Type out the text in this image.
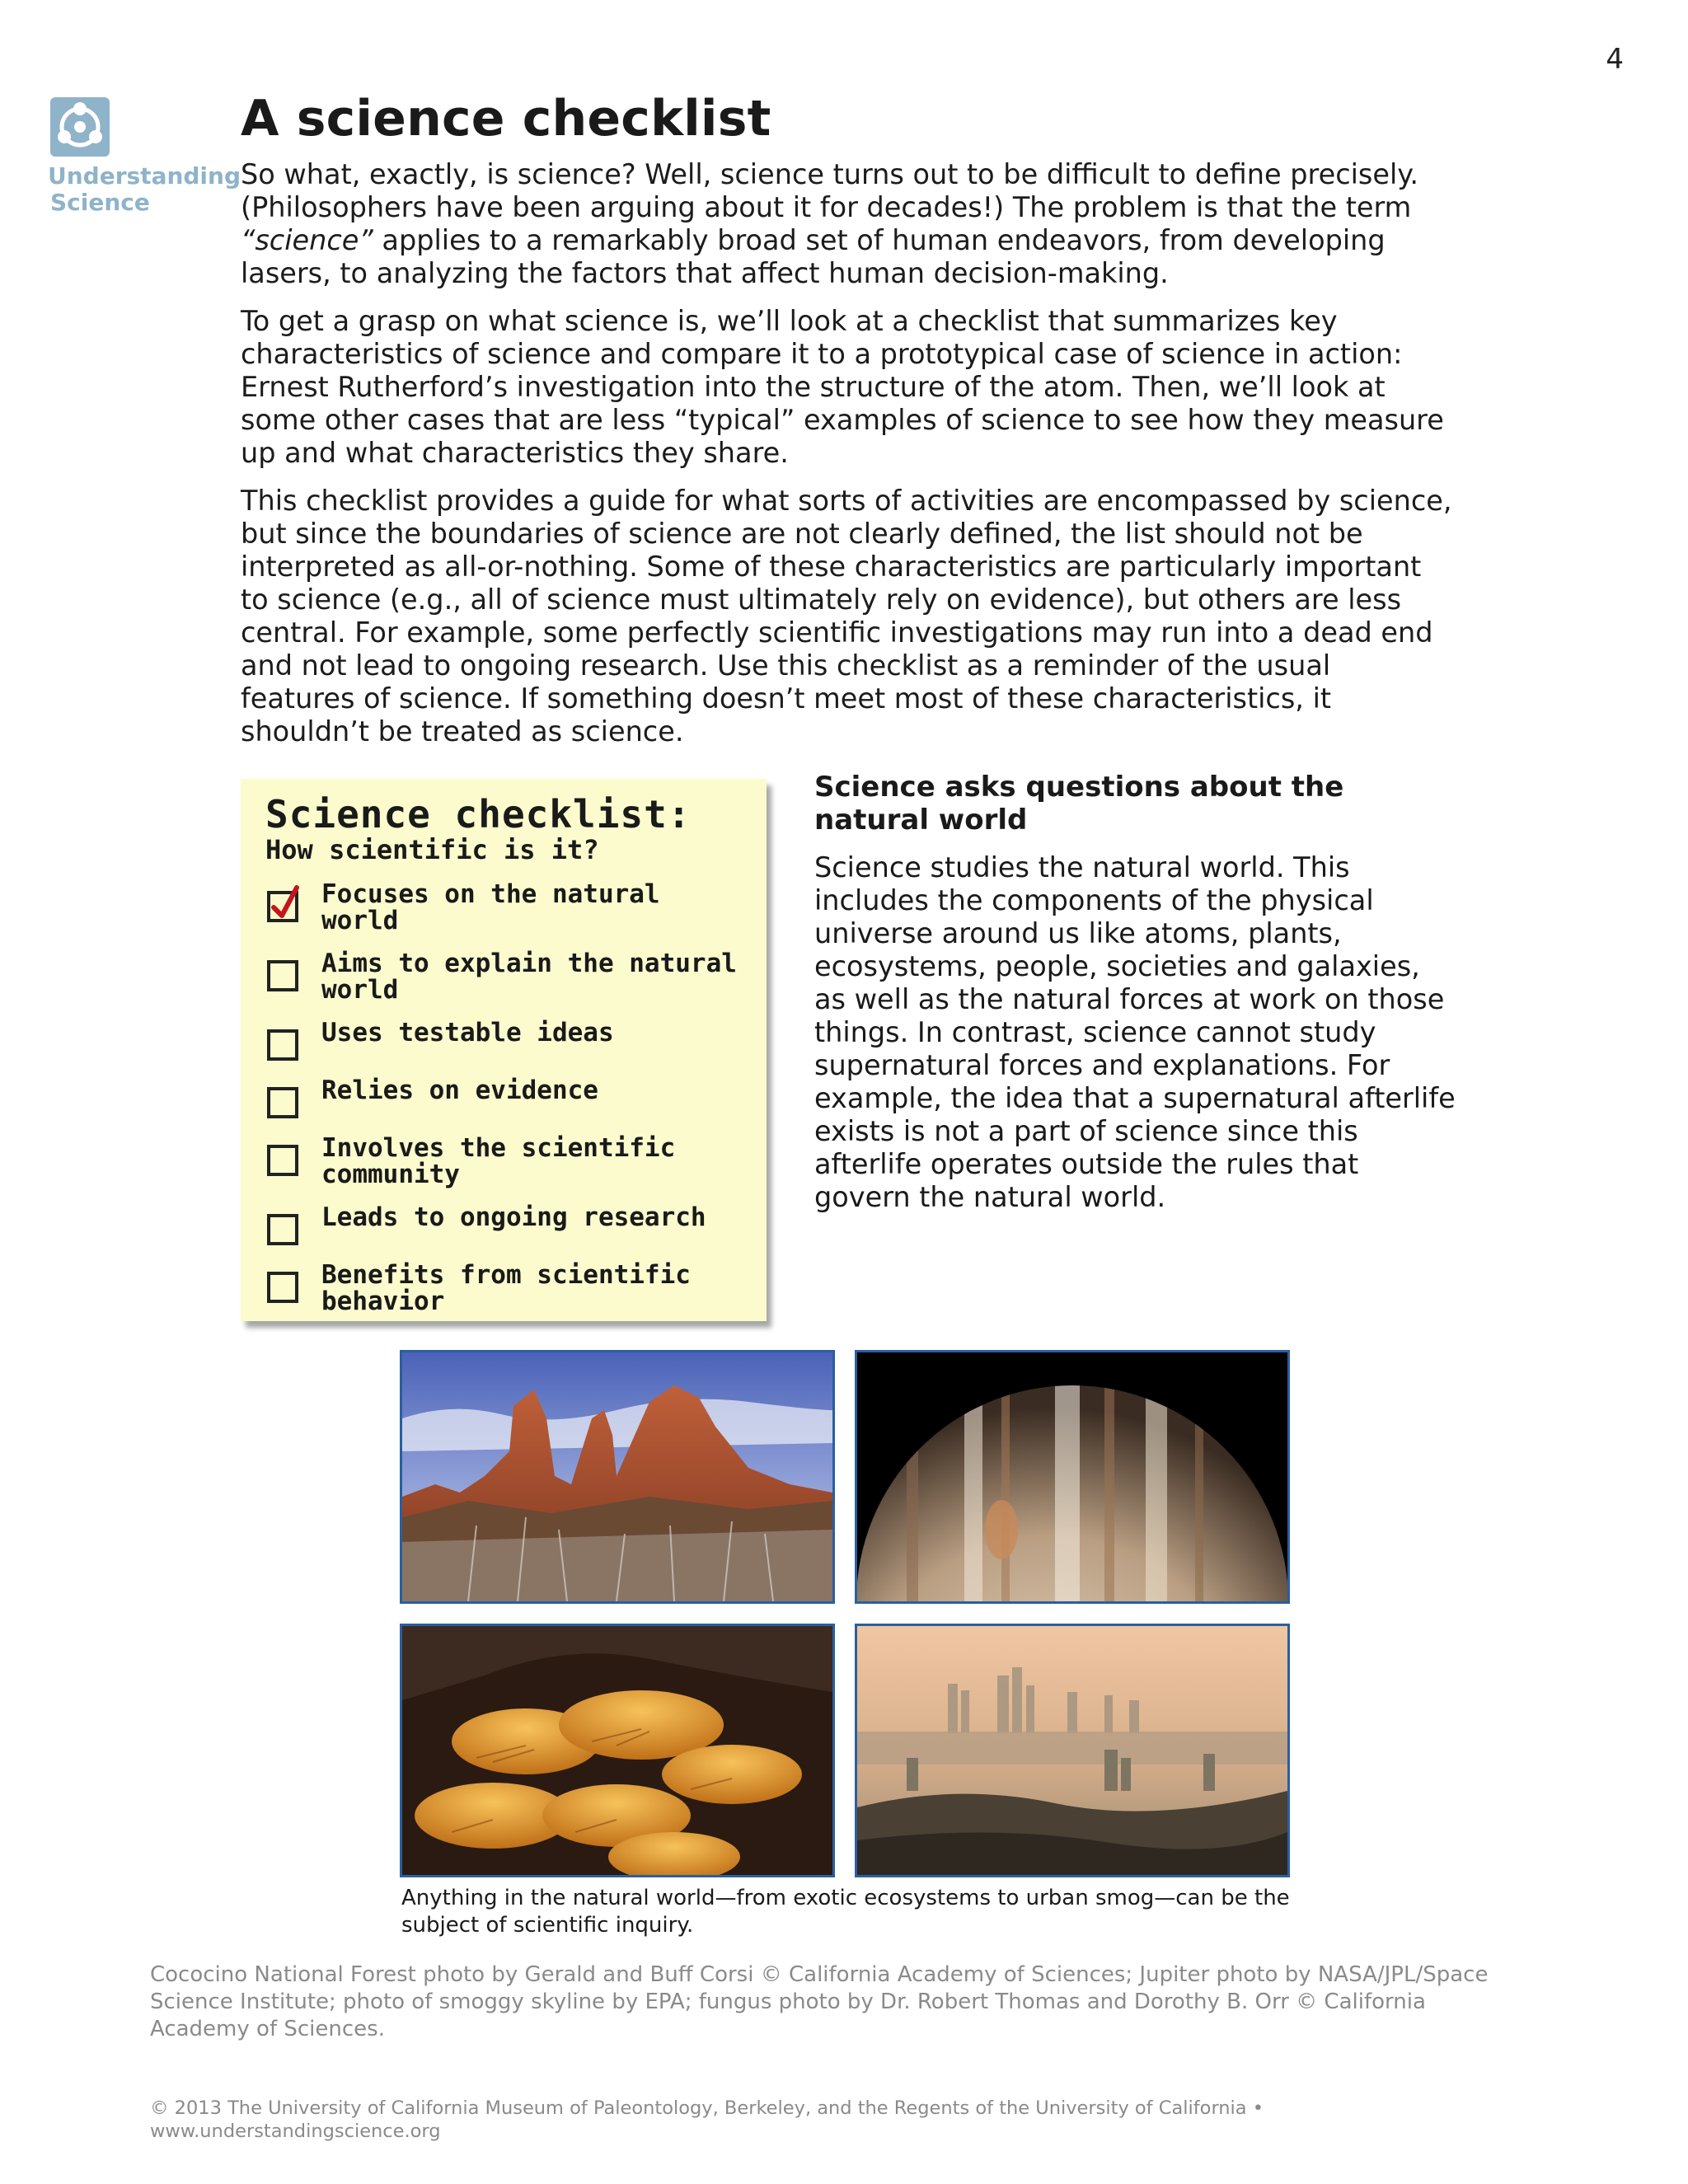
4
Understanding
Science
A science checklist

So what, exactly, is science? Well, science turns out to be difficult to define precisely. (Philosophers have been arguing about it for decades!) The problem is that the term “science” applies to a remarkably broad set of human endeavors, from developing lasers, to analyzing the factors that affect human decision-making.

To get a grasp on what science is, we’ll look at a checklist that summarizes key characteristics of science and compare it to a prototypical case of science in action: Ernest Rutherford’s investigation into the structure of the atom. Then, we’ll look at some other cases that are less “typical” examples of science to see how they measure up and what characteristics they share.

This checklist provides a guide for what sorts of activities are encompassed by science, but since the boundaries of science are not clearly defined, the list should not be interpreted as all-or-nothing. Some of these characteristics are particularly important to science (e.g., all of science must ultimately rely on evidence), but others are less central. For example, some perfectly scientific investigations may run into a dead end and not lead to ongoing research. Use this checklist as a reminder of the usual features of science. If something doesn’t meet most of these characteristics, it shouldn’t be treated as science.

Science checklist:
How scientific is it?
Focuses on the natural world
Aims to explain the natural world
Uses testable ideas
Relies on evidence
Involves the scientific community
Leads to ongoing research
Benefits from scientific behavior
Science asks questions about the natural world

Science studies the natural world. This includes the components of the physical universe around us like atoms, plants, ecosystems, people, societies and galaxies, as well as the natural forces at work on those things. In contrast, science cannot study supernatural forces and explanations. For example, the idea that a supernatural afterlife exists is not a part of science since this afterlife operates outside the rules that govern the natural world.

Anything in the natural world—from exotic ecosystems to urban smog—can be the subject of scientific inquiry.
Cococino National Forest photo by Gerald and Buff Corsi © California Academy of Sciences; Jupiter photo by NASA/JPL/Space Science Institute; photo of smoggy skyline by EPA; fungus photo by Dr. Robert Thomas and Dorothy B. Orr © California Academy of Sciences.
© 2013 The University of California Museum of Paleontology, Berkeley, and the Regents of the University of California • www.understandingscience.org
